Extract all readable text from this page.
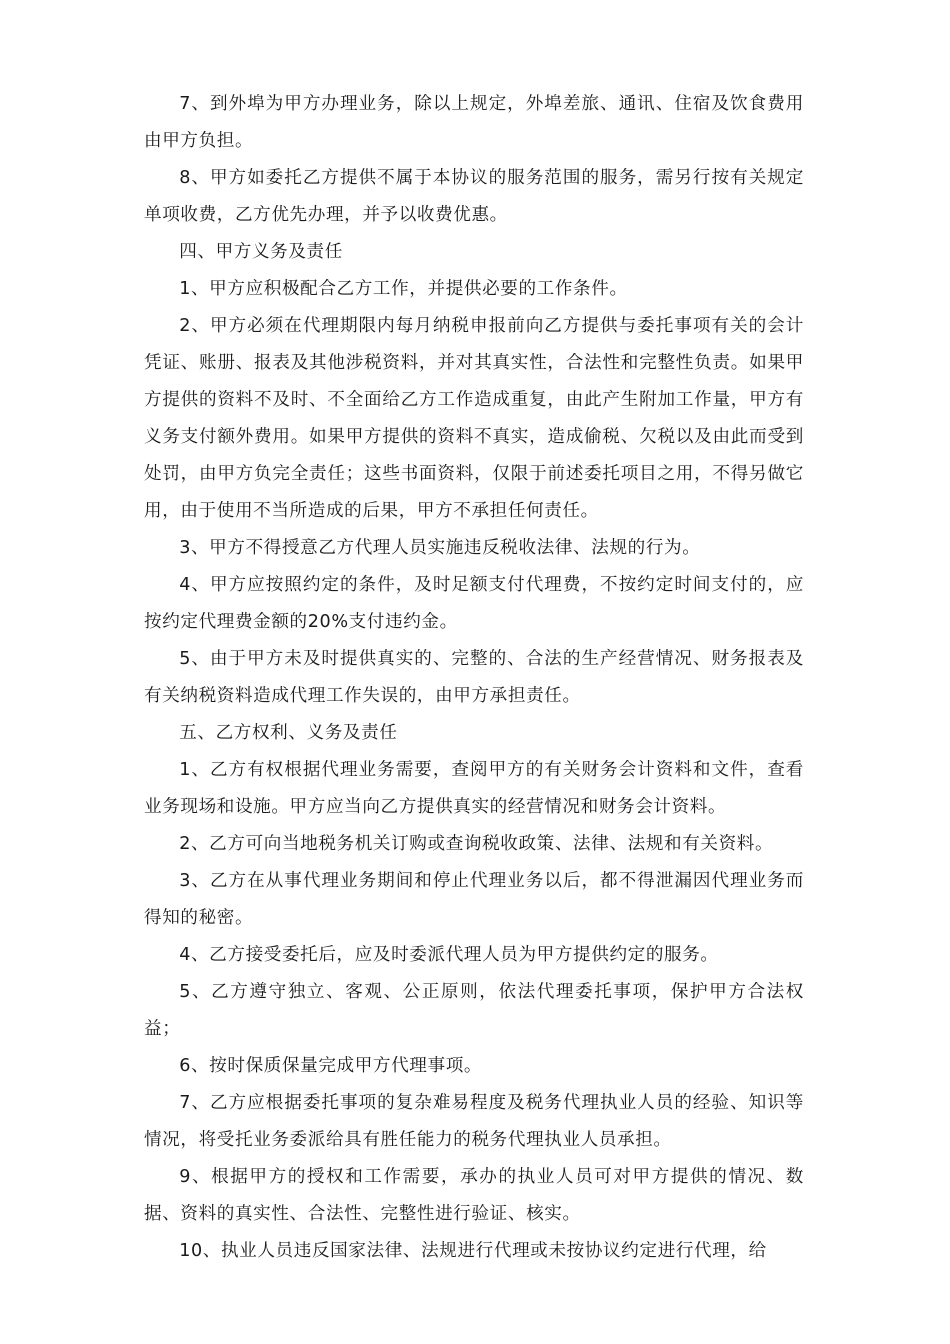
7、到外埠为甲方办理业务，除以上规定，外埠差旅、通讯、住宿及饮食费用由甲方负担。

8、甲方如委托乙方提供不属于本协议的服务范围的服务，需另行按有关规定单项收费，乙方优先办理，并予以收费优惠。

四、甲方义务及责任

1、甲方应积极配合乙方工作，并提供必要的工作条件。

2、甲方必须在代理期限内每月纳税申报前向乙方提供与委托事项有关的会计凭证、账册、报表及其他涉税资料，并对其真实性，合法性和完整性负责。如果甲方提供的资料不及时、不全面给乙方工作造成重复，由此产生附加工作量，甲方有义务支付额外费用。如果甲方提供的资料不真实，造成偷税、欠税以及由此而受到处罚，由甲方负完全责任；这些书面资料，仅限于前述委托项目之用，不得另做它用，由于使用不当所造成的后果，甲方不承担任何责任。

3、甲方不得授意乙方代理人员实施违反税收法律、法规的行为。

4、甲方应按照约定的条件，及时足额支付代理费，不按约定时间支付的，应按约定代理费金额的20%支付违约金。

5、由于甲方未及时提供真实的、完整的、合法的生产经营情况、财务报表及有关纳税资料造成代理工作失误的，由甲方承担责任。

五、乙方权利、义务及责任

1、乙方有权根据代理业务需要，查阅甲方的有关财务会计资料和文件，查看业务现场和设施。甲方应当向乙方提供真实的经营情况和财务会计资料。

2、乙方可向当地税务机关订购或查询税收政策、法律、法规和有关资料。

3、乙方在从事代理业务期间和停止代理业务以后，都不得泄漏因代理业务而得知的秘密。

4、乙方接受委托后，应及时委派代理人员为甲方提供约定的服务。

5、乙方遵守独立、客观、公正原则，依法代理委托事项，保护甲方合法权益；

6、按时保质保量完成甲方代理事项。

7、乙方应根据委托事项的复杂难易程度及税务代理执业人员的经验、知识等情况，将受托业务委派给具有胜任能力的税务代理执业人员承担。

9、根据甲方的授权和工作需要，承办的执业人员可对甲方提供的情况、数据、资料的真实性、合法性、完整性进行验证、核实。

10、执业人员违反国家法律、法规进行代理或未按协议约定进行代理，给
